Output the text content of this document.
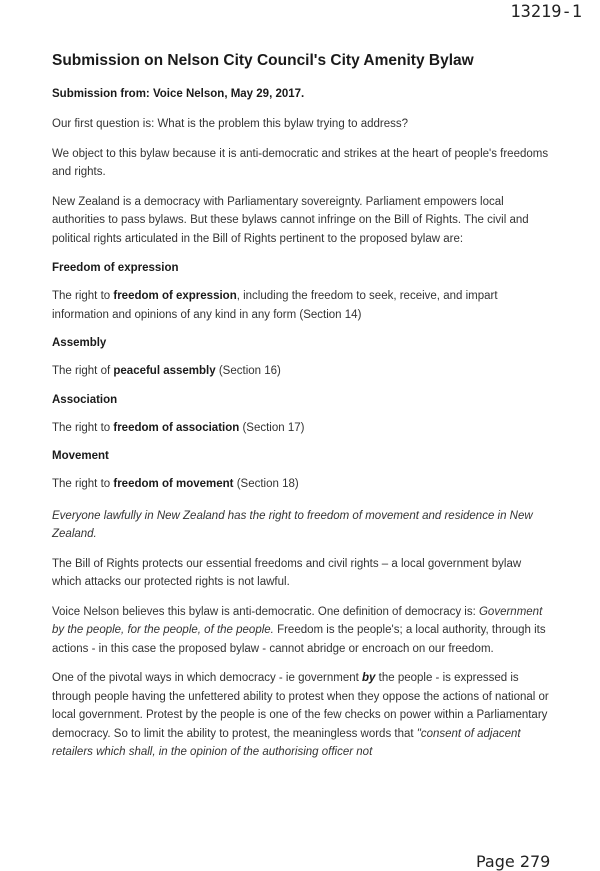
13219-1
Submission on Nelson City Council's City Amenity Bylaw
Submission from: Voice Nelson, May 29, 2017.

Our first question is: What is the problem this bylaw trying to address?

We object to this bylaw because it is anti-democratic and strikes at the heart of people's freedoms and rights.

New Zealand is a democracy with Parliamentary sovereignty. Parliament empowers local authorities to pass bylaws. But these bylaws cannot infringe on the Bill of Rights. The civil and political rights articulated in the Bill of Rights pertinent to the proposed bylaw are:

Freedom of expression

The right to freedom of expression, including the freedom to seek, receive, and impart information and opinions of any kind in any form (Section 14)

Assembly

The right of peaceful assembly (Section 16)

Association

The right to freedom of association (Section 17)

Movement

The right to freedom of movement (Section 18)

Everyone lawfully in New Zealand has the right to freedom of movement and residence in New Zealand.

The Bill of Rights protects our essential freedoms and civil rights – a local government bylaw which attacks our protected rights is not lawful.

Voice Nelson believes this bylaw is anti-democratic. One definition of democracy is: Government by the people, for the people, of the people. Freedom is the people's; a local authority, through its actions - in this case the proposed bylaw - cannot abridge or encroach on our freedom.

One of the pivotal ways in which democracy - ie government by the people - is expressed is through people having the unfettered ability to protest when they oppose the actions of national or local government. Protest by the people is one of the few checks on power within a Parliamentary democracy. So to limit the ability to protest, the meaningless words that "consent of adjacent retailers which shall, in the opinion of the authorising officer not

Page 279
